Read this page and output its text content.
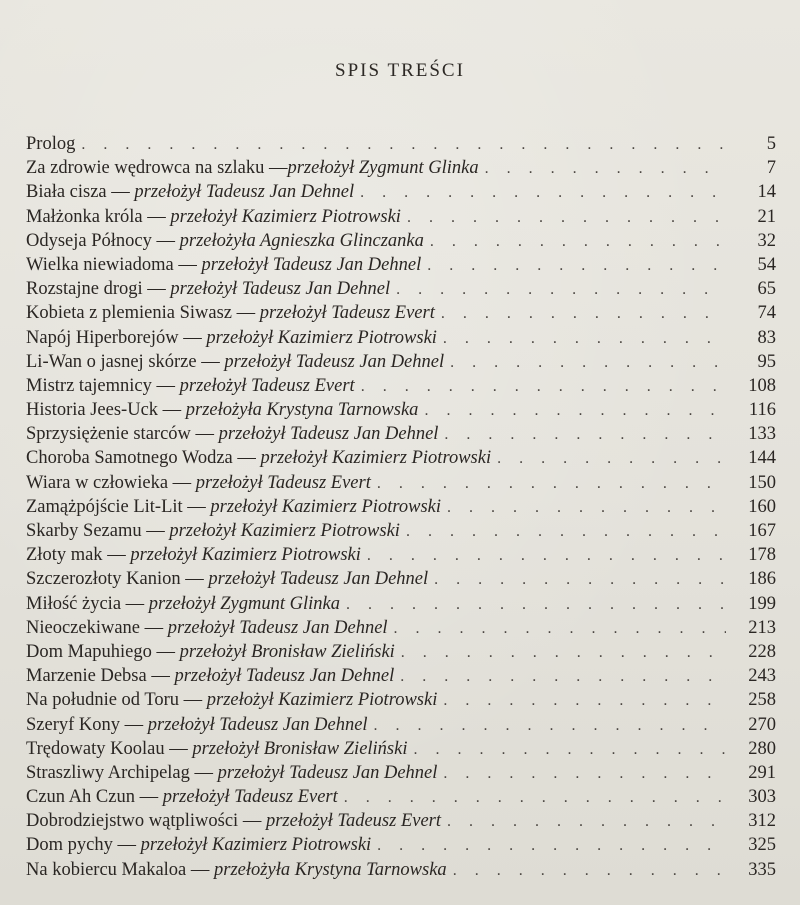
SPIS TREŚCI
Prolog . . .	5
Za zdrowie wędrowca na szlaku —przełożył Zygmunt Glinka . . .	7
Biała cisza — przełożył Tadeusz Jan Dehnel . . .	14
Małżonka króla — przełożył Kazimierz Piotrowski . . .	21
Odyseja Północy — przełożyła Agnieszka Glinczanka . . .	32
Wielka niewiadoma — przełożył Tadeusz Jan Dehnel . . .	54
Rozstajne drogi — przełożył Tadeusz Jan Dehnel . . .	65
Kobieta z plemienia Siwasz — przełożył Tadeusz Evert . . .	74
Napój Hiperborejów — przełożył Kazimierz Piotrowski . . .	83
Li-Wan o jasnej skórze — przełożył Tadeusz Jan Dehnel . . .	95
Mistrz tajemnicy — przełożył Tadeusz Evert . . .	108
Historia Jees-Uck — przełożyła Krystyna Tarnowska . . .	116
Sprzysiężenie starców — przełożył Tadeusz Jan Dehnel . . .	133
Choroba Samotnego Wodza — przełożył Kazimierz Piotrowski . . .	144
Wiara w człowieka — przełożył Tadeusz Evert . . .	150
Zamążpójście Lit-Lit — przełożył Kazimierz Piotrowski . . .	160
Skarby Sezamu — przełożył Kazimierz Piotrowski . . .	167
Złoty mak — przełożył Kazimierz Piotrowski . . .	178
Szczerozłoty Kanion — przełożył Tadeusz Jan Dehnel . . .	186
Miłość życia — przełożył Zygmunt Glinka . . .	199
Nieoczekiwane — przełożył Tadeusz Jan Dehnel . . .	213
Dom Mapuhiego — przełożył Bronisław Zieliński . . .	228
Marzenie Debsa — przełożył Tadeusz Jan Dehnel . . .	243
Na południe od Toru — przełożył Kazimierz Piotrowski . . .	258
Szeryf Kony — przełożył Tadeusz Jan Dehnel . . .	270
Trędowaty Koolau — przełożył Bronisław Zieliński . . .	280
Straszliwy Archipelag — przełożył Tadeusz Jan Dehnel . . .	291
Czun Ah Czun — przełożył Tadeusz Evert . . .	303
Dobrodziejstwo wątpliwości — przełożył Tadeusz Evert . . .	312
Dom pychy — przełożył Kazimierz Piotrowski . . .	325
Na kobiercu Makaloa — przełożyła Krystyna Tarnowska . . .	335
